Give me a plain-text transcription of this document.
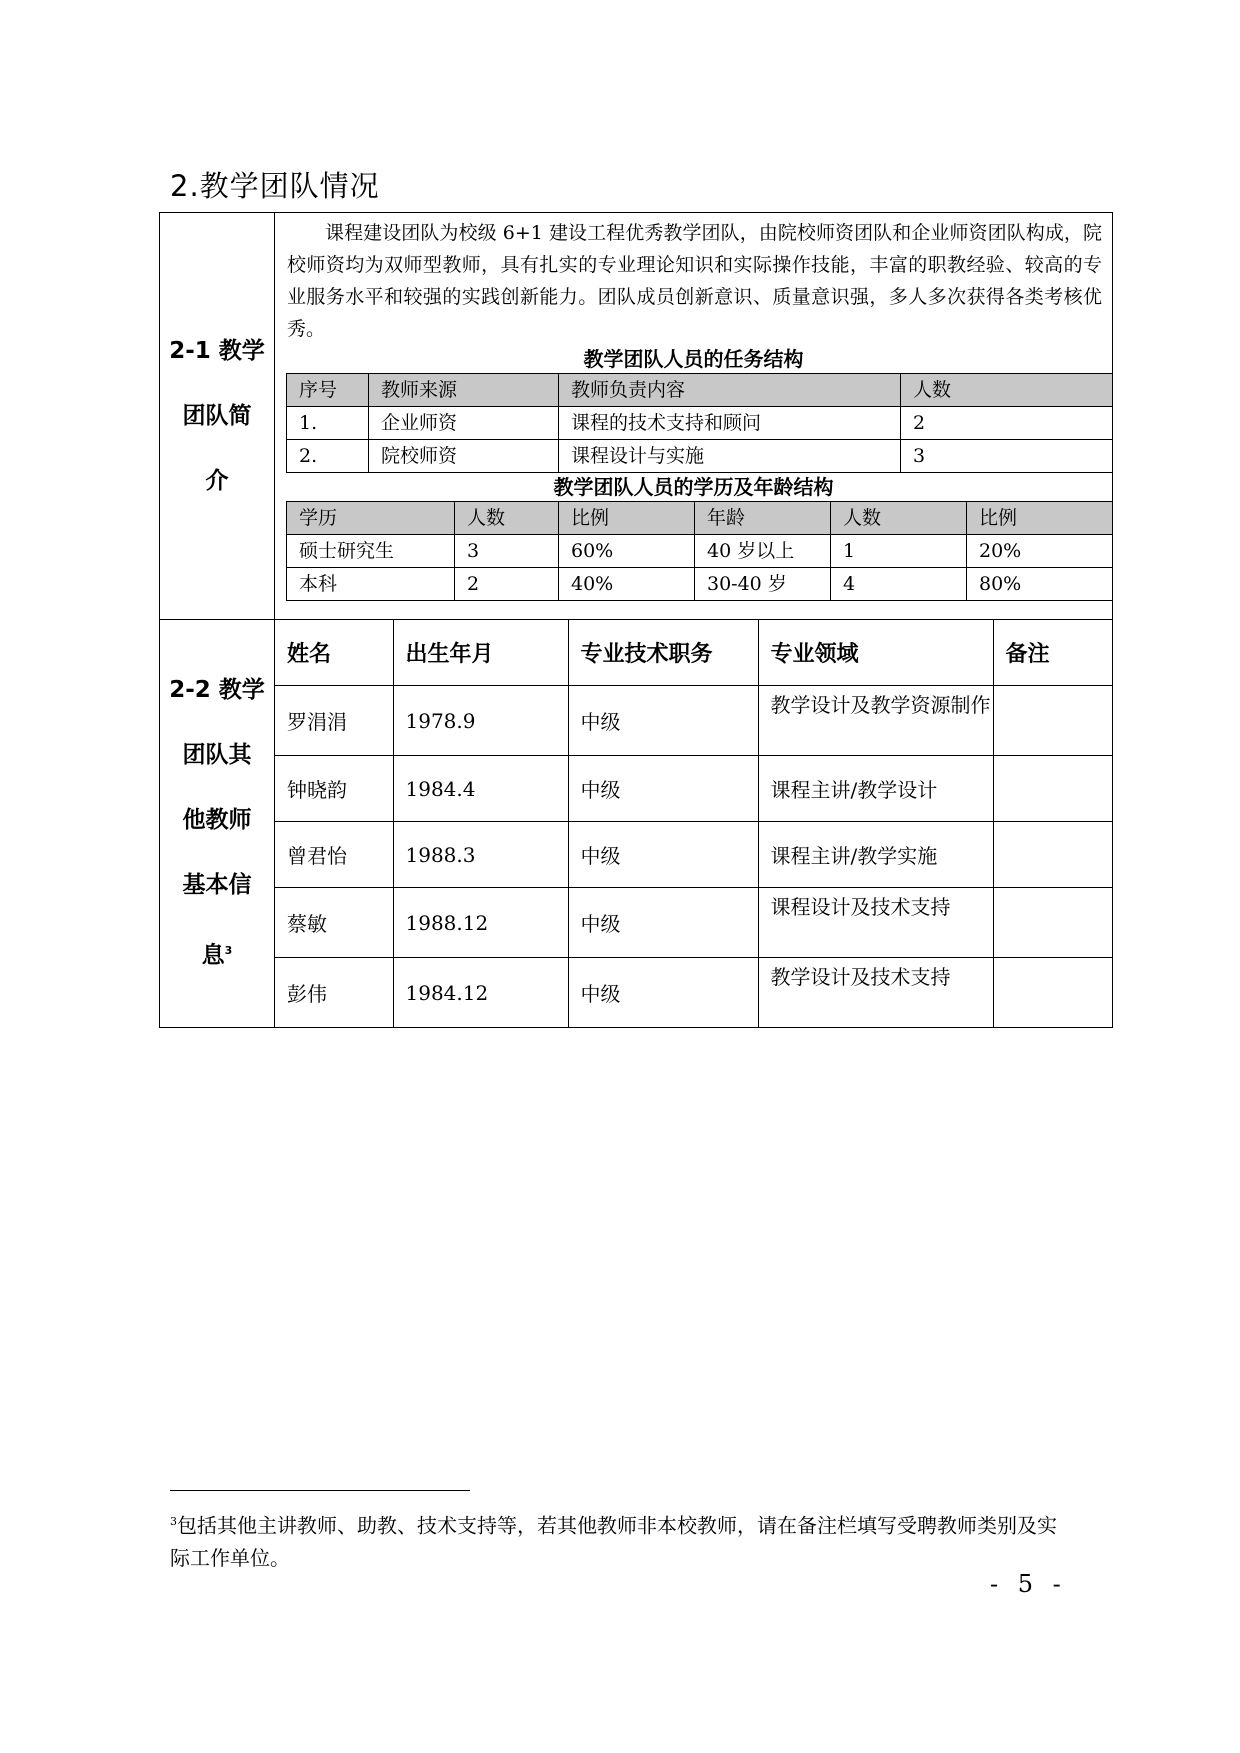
2.教学团队情况
2-1 教学
团队简
介

课程建设团队为校级 6+1 建设工程优秀教学团队，由院校师资团队和企业师资团队构成，院校师资均为双师型教师，具有扎实的专业理论知识和实际操作技能，丰富的职教经验、较高的专业服务水平和较强的实践创新能力。团队成员创新意识、质量意识强，多人多次获得各类考核优秀。
教学团队人员的任务结构
序号	教师来源	教师负责内容	人数
1.	企业师资	课程的技术支持和顾问	2
2.	院校师资	课程设计与实施	3
教学团队人员的学历及年龄结构
学历	人数	比例	年龄	人数	比例
硕士研究生	3	60%	40 岁以上	1	20%
本科	2	40%	30-40 岁	4	80%

2-2 教学
团队其
他教师
基本信
息$^3$

姓名	出生年月	专业技术职务	专业领域	备注
罗涓涓	1978.9	中级	教学设计及教学资源制作	
钟晓韵	1984.4	中级	课程主讲/教学设计	
曾君怡	1988.3	中级	课程主讲/教学实施	
蔡敏	1988.12	中级	课程设计及技术支持	
彭伟	1984.12	中级	教学设计及技术支持	
$^3$包括其他主讲教师、助教、技术支持等，若其他教师非本校教师，请在备注栏填写受聘教师类别及实际工作单位。
- 5 -
